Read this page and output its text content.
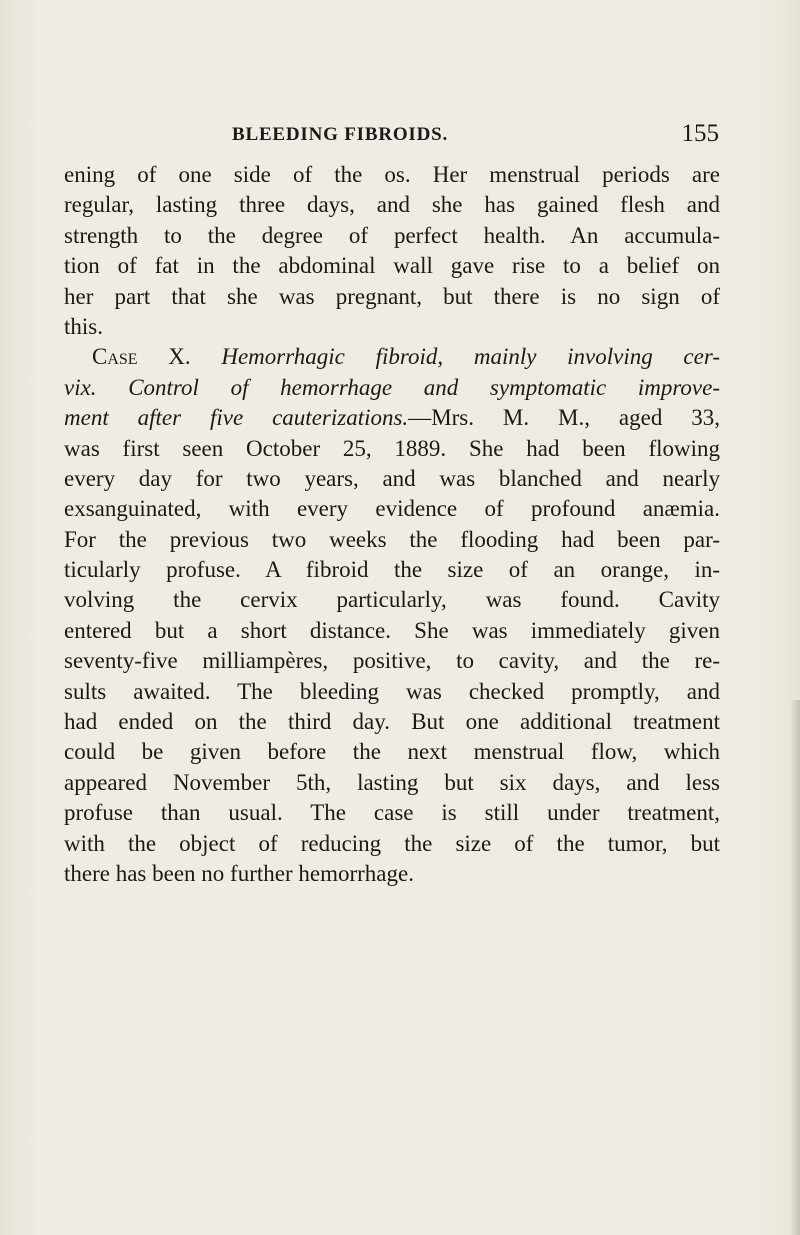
BLEEDING FIBROIDS.	155
ening of one side of the os. Her menstrual periods are
regular, lasting three days, and she has gained flesh and
strength to the degree of perfect health. An accumula-
tion of fat in the abdominal wall gave rise to a belief on
her part that she was pregnant, but there is no sign of
this.
Case X. Hemorrhagic fibroid, mainly involving cer-
vix. Control of hemorrhage and symptomatic improve-
ment after five cauterizations.—Mrs. M. M., aged 33,
was first seen October 25, 1889. She had been flowing
every day for two years, and was blanched and nearly
exsanguinated, with every evidence of profound anæmia.
For the previous two weeks the flooding had been par-
ticularly profuse. A fibroid the size of an orange, in-
volving the cervix particularly, was found. Cavity
entered but a short distance. She was immediately given
seventy-five milliampères, positive, to cavity, and the re-
sults awaited. The bleeding was checked promptly, and
had ended on the third day. But one additional treatment
could be given before the next menstrual flow, which
appeared November 5th, lasting but six days, and less
profuse than usual. The case is still under treatment,
with the object of reducing the size of the tumor, but
there has been no further hemorrhage.
